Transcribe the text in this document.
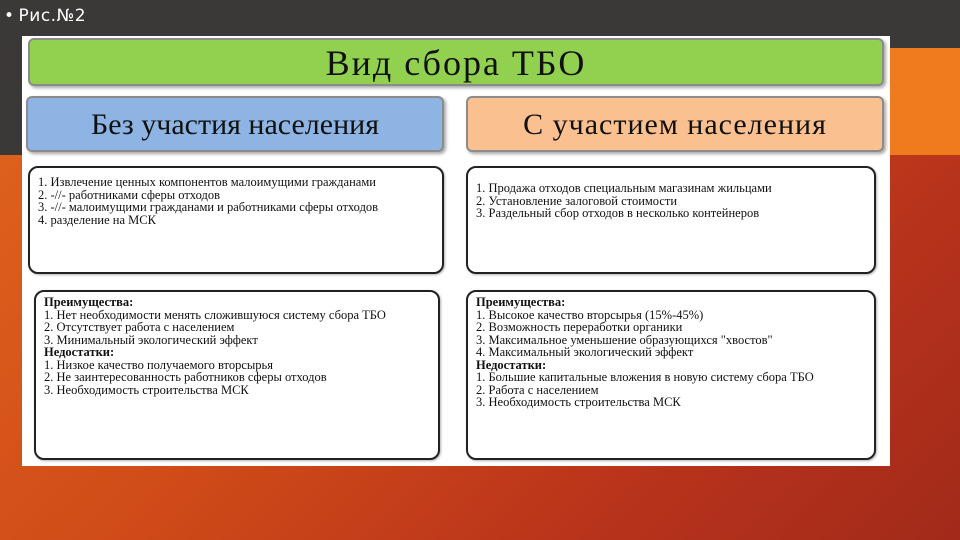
• Рис.№2
Вид сбора ТБО
Без участия населения	С участием населения

1. Извлечение ценных компонентов малоимущими гражданами

2. -//- работниками сферы отходов

3. -//- малоимущими гражданами и работниками сферы отходов

4. разделение на МСК

1. Продажа отходов специальным магазинам жильцами

2. Установление залоговой стоимости

3. Раздельный сбор отходов в несколько контейнеров

Преимущества:

1. Нет необходимости менять сложившуюся систему сбора ТБО

2. Отсутствует работа с населением

3. Минимальный экологический эффект

Недостатки:

1. Низкое качество получаемого вторсырья

2. Не заинтересованность работников сферы отходов

3. Необходимость строительства МСК

Преимущества:

1. Высокое качество вторсырья (15%-45%)

2. Возможность переработки органики

3. Максимальное уменьшение образующихся "хвостов"

4. Максимальный экологический эффект

Недостатки:

1. Большие капитальные вложения в новую систему сбора ТБО

2. Работа с населением

3. Необходимость строительства МСК
